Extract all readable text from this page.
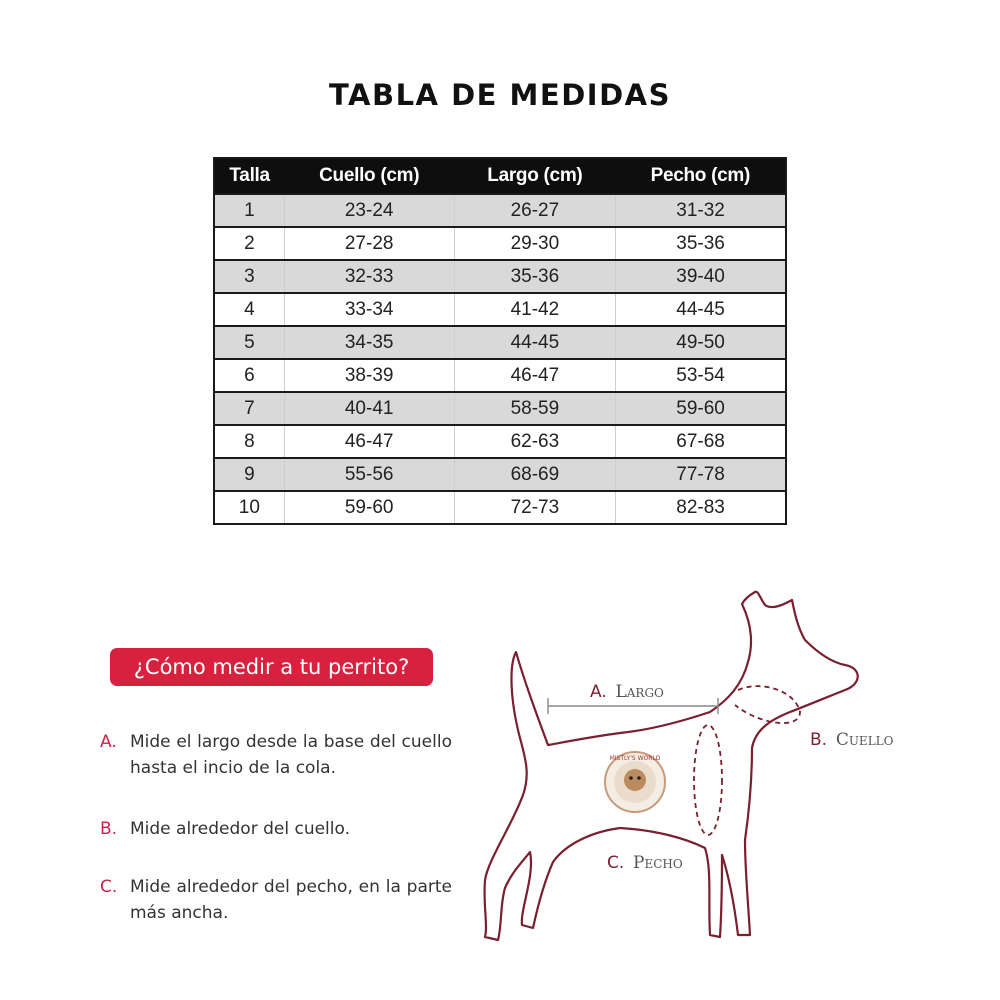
TABLA DE MEDIDAS
Talla	Cuello (cm)	Largo (cm)	Pecho (cm)
1	23-24	26-27	31-32
2	27-28	29-30	35-36
3	32-33	35-36	39-40
4	33-34	41-42	44-45
5	34-35	44-45	49-50
6	38-39	46-47	53-54
7	40-41	58-59	59-60
8	46-47	62-63	67-68
9	55-56	68-69	77-78
10	59-60	72-73	82-83
¿Cómo medir a tu perrito?
A. Mide el largo desde la base del cuello hasta el incio de la cola.
B. Mide alrededor del cuello.
C. Mide alrededor del pecho, en la parte más ancha.
MISTLY'S WORLD
A. Largo
B. Cuello
C. Pecho
